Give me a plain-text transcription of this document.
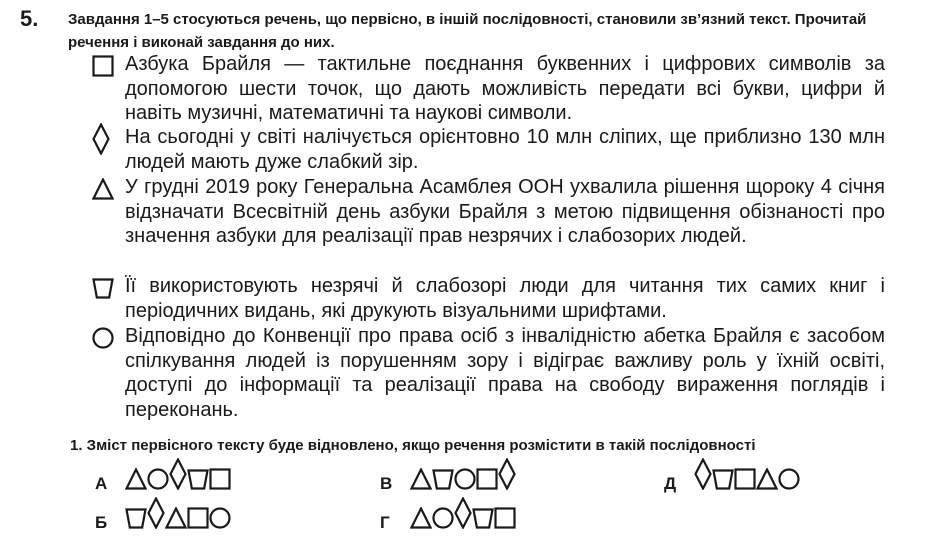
5. Завдання 1–5 стосуються речень, що первісно, в іншій послідовності, становили зв’язний текст. Прочитай речення і виконай завдання до них.
Азбука Брайля — тактильне поєднання буквенних і цифрових символів за допомогою шести точок, що дають можливість передати всі букви, цифри й навіть музичні, математичні та наукові символи.
На сьогодні у світі налічується орієнтовно 10 млн сліпих, ще приблизно 130 млн людей мають дуже слабкий зір.
У грудні 2019 року Генеральна Асамблея ООН ухвалила рішення щороку 4 січня відзначати Всесвітній день азбуки Брайля з метою підвищення обізнаності про значення азбуки для реалізації прав незрячих і слабозорих людей.
Її використовують незрячі й слабозорі люди для читання тих самих книг і періодичних видань, які друкують візуальними шрифтами.
Відповідно до Конвенції про права осіб з інвалідністю абетка Брайля є засобом спілкування людей із порушенням зору і відіграє важливу роль у їхній освіті, доступі до інформації та реалізації права на свободу вираження поглядів і переконань.
1. Зміст первісного тексту буде відновлено, якщо речення розмістити в такій послідовності
А
Б
В
Г
Д
